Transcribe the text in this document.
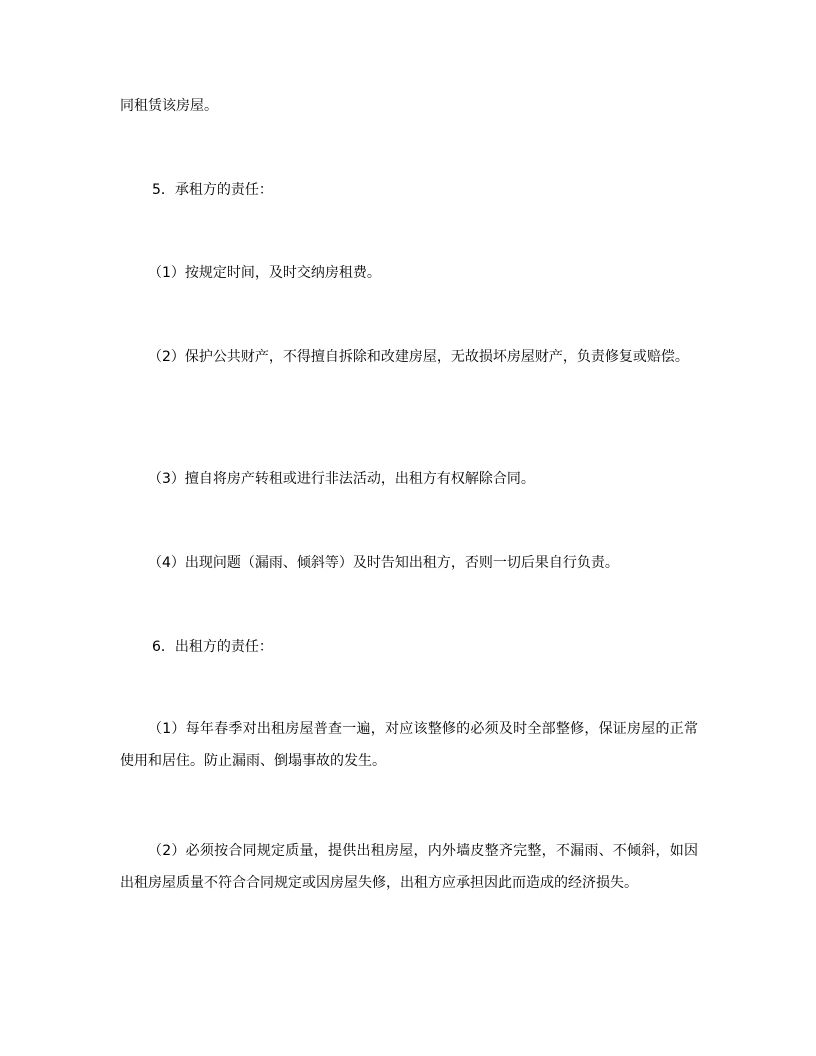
同租赁该房屋。

5．承租方的责任：

（1）按规定时间，及时交纳房租费。

（2）保护公共财产，不得擅自拆除和改建房屋，无故损坏房屋财产，负责修复或赔偿。

（3）擅自将房产转租或进行非法活动，出租方有权解除合同。

（4）出现问题（漏雨、倾斜等）及时告知出租方，否则一切后果自行负责。

6．出租方的责任：

（1）每年春季对出租房屋普查一遍，对应该整修的必须及时全部整修，保证房屋的正常使用和居住。防止漏雨、倒塌事故的发生。

（2）必须按合同规定质量，提供出租房屋，内外墙皮整齐完整，不漏雨、不倾斜，如因出租房屋质量不符合合同规定或因房屋失修，出租方应承担因此而造成的经济损失。
